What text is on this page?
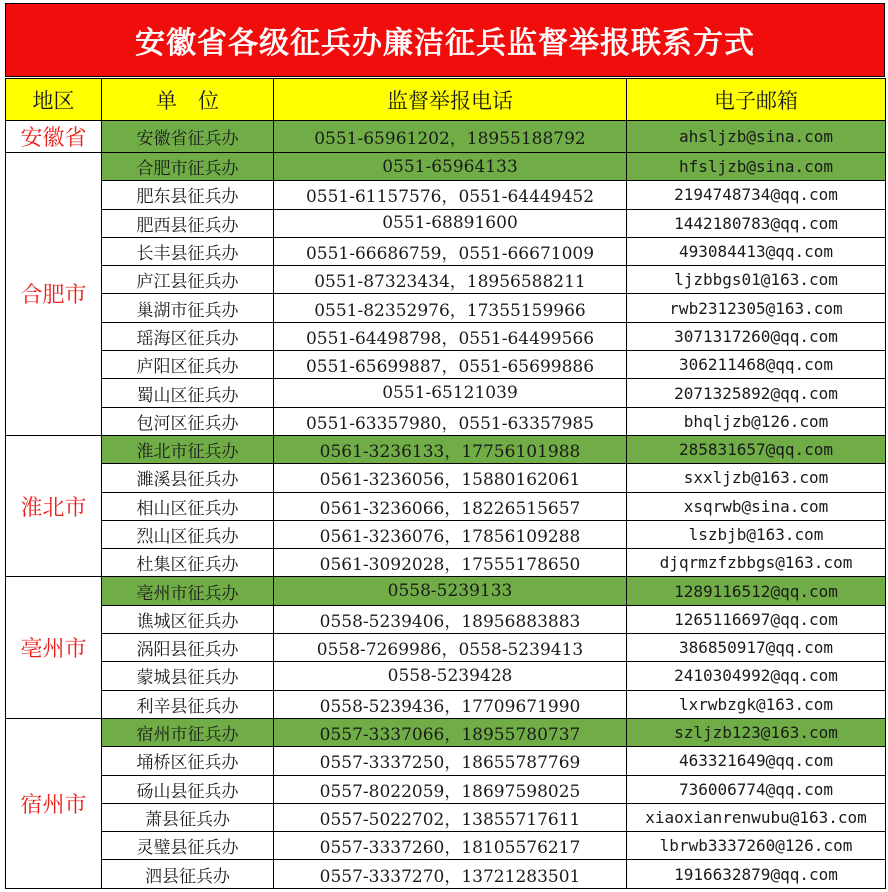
安徽省各级征兵办廉洁征兵监督举报联系方式
地区	单　位	监督举报电话	电子邮箱
安徽省	安徽省征兵办	0551-65961202，18955188792	ahsljzb@sina.com
合肥市	合肥市征兵办	0551-65964133	hfsljzb@sina.com
	肥东县征兵办	0551-61157576，0551-64449452	2194748734@qq.com
	肥西县征兵办	0551-68891600	1442180783@qq.com
	长丰县征兵办	0551-66686759，0551-66671009	493084413@qq.com
	庐江县征兵办	0551-87323434，18956588211	ljzbbgs01@163.com
	巢湖市征兵办	0551-82352976，17355159966	rwb2312305@163.com
	瑶海区征兵办	0551-64498798，0551-64499566	3071317260@qq.com
	庐阳区征兵办	0551-65699887，0551-65699886	306211468@qq.com
	蜀山区征兵办	0551-65121039	2071325892@qq.com
	包河区征兵办	0551-63357980，0551-63357985	bhqljzb@126.com
淮北市	淮北市征兵办	0561-3236133，17756101988	285831657@qq.com
	濉溪县征兵办	0561-3236056，15880162061	sxxljzb@163.com
	相山区征兵办	0561-3236066，18226515657	xsqrwb@sina.com
	烈山区征兵办	0561-3236076，17856109288	lszbjb@163.com
	杜集区征兵办	0561-3092028，17555178650	djqrmzfzbbgs@163.com
亳州市	亳州市征兵办	0558-5239133	1289116512@qq.com
	谯城区征兵办	0558-5239406，18956883883	1265116697@qq.com
	涡阳县征兵办	0558-7269986，0558-5239413	386850917@qq.com
	蒙城县征兵办	0558-5239428	2410304992@qq.com
	利辛县征兵办	0558-5239436，17709671990	lxrwbzgk@163.com
宿州市	宿州市征兵办	0557-3337066，18955780737	szljzb123@163.com
	埇桥区征兵办	0557-3337250，18655787769	463321649@qq.com
	砀山县征兵办	0557-8022059，18697598025	736006774@qq.com
	萧县征兵办	0557-5022702，13855717611	xiaoxianrenwubu@163.com
	灵璧县征兵办	0557-3337260，18105576217	lbrwb3337260@126.com
	泗县征兵办	0557-3337270，13721283501	1916632879@qq.com
